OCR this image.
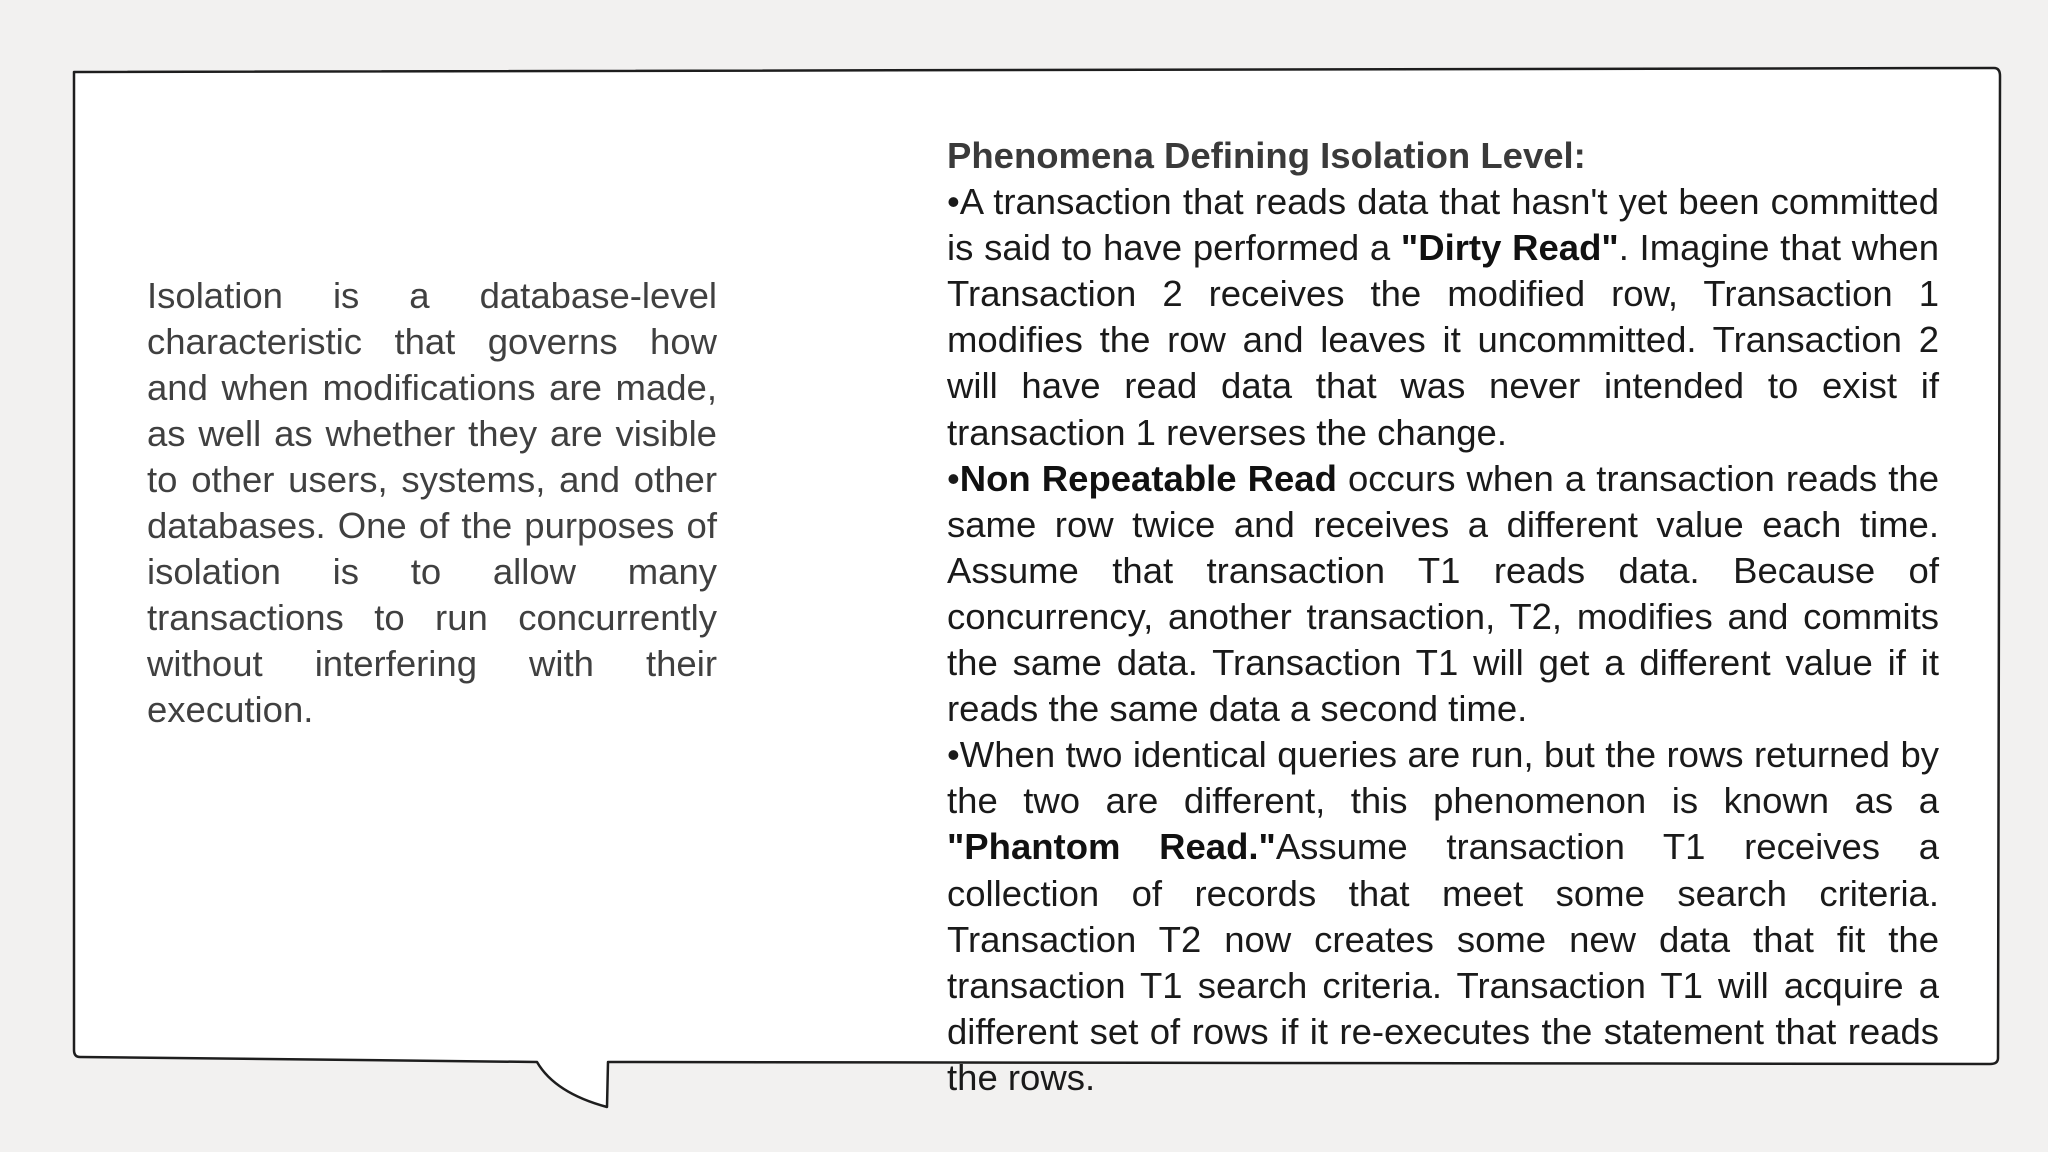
Isolation is a database-level characteristic that governs how and when modifications are made, as well as whether they are visible to other users, systems, and other databases. One of the purposes of isolation is to allow many transactions to run concurrently without interfering with their execution.

Phenomena Defining Isolation Level:

•A transaction that reads data that hasn't yet been committed is said to have performed a "Dirty Read". Imagine that when Transaction 2 receives the modified row, Transaction 1 modifies the row and leaves it uncommitted. Transaction 2 will have read data that was never intended to exist if transaction 1 reverses the change.

•Non Repeatable Read occurs when a transaction reads the same row twice and receives a different value each time. Assume that transaction T1 reads data. Because of concurrency, another transaction, T2, modifies and commits the same data. Transaction T1 will get a different value if it reads the same data a second time.

•When two identical queries are run, but the rows returned by the two are different, this phenomenon is known as a "Phantom Read."Assume transaction T1 receives a collection of records that meet some search criteria. Transaction T2 now creates some new data that fit the transaction T1 search criteria. Transaction T1 will acquire a different set of rows if it re-executes the statement that reads the rows.
